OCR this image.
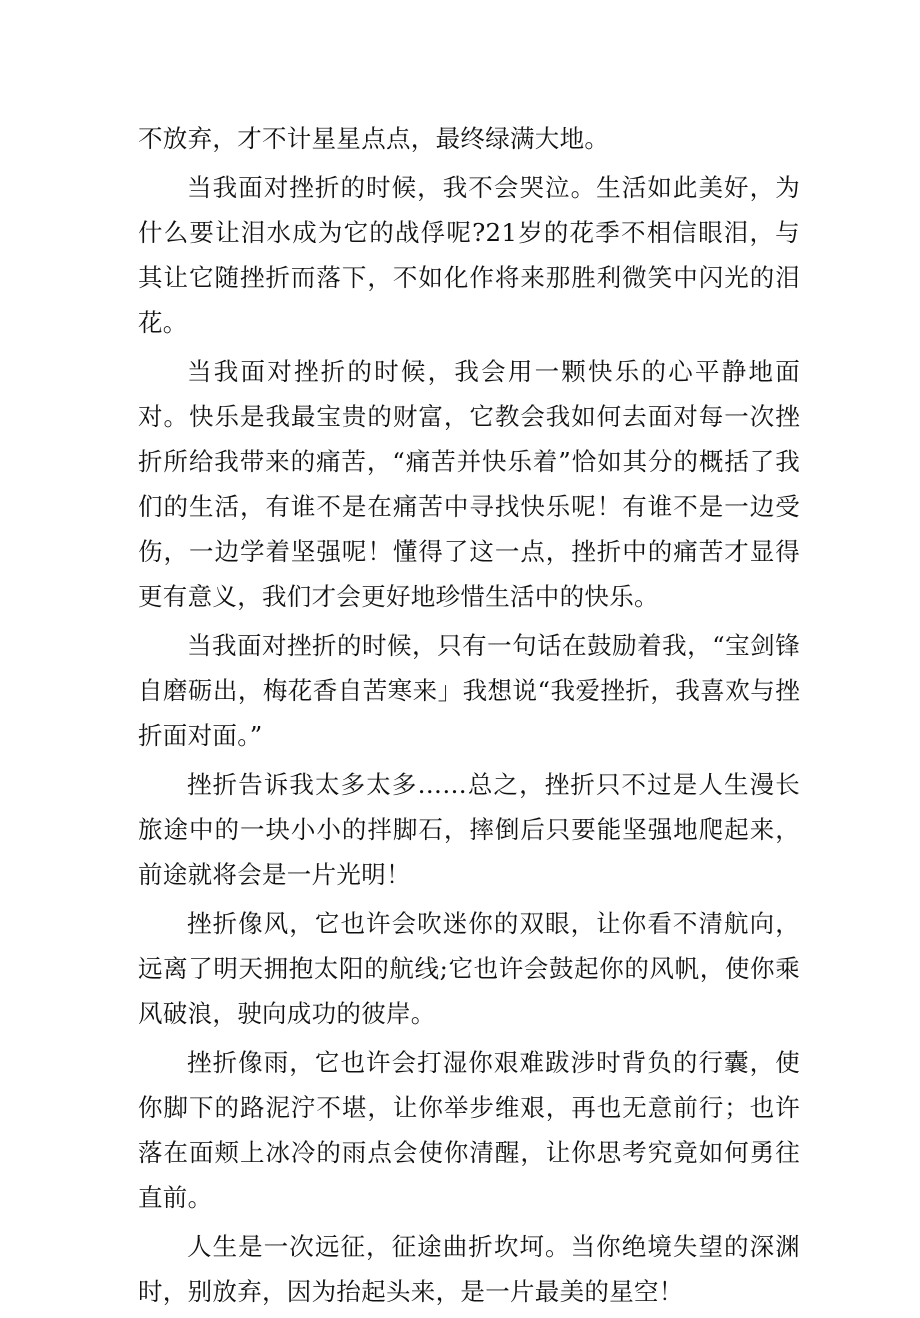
不放弃，才不计星星点点，最终绿满大地。

当我面对挫折的时候，我不会哭泣。生活如此美好，为什么要让泪水成为它的战俘呢?21岁的花季不相信眼泪，与其让它随挫折而落下，不如化作将来那胜利微笑中闪光的泪花。

当我面对挫折的时候，我会用一颗快乐的心平静地面对。快乐是我最宝贵的财富，它教会我如何去面对每一次挫折所给我带来的痛苦，“痛苦并快乐着”恰如其分的概括了我们的生活，有谁不是在痛苦中寻找快乐呢！有谁不是一边受伤，一边学着坚强呢！懂得了这一点，挫折中的痛苦才显得更有意义，我们才会更好地珍惜生活中的快乐。

当我面对挫折的时候，只有一句话在鼓励着我，“宝剑锋自磨砺出，梅花香自苦寒来」我想说“我爱挫折，我喜欢与挫折面对面。”

挫折告诉我太多太多……总之，挫折只不过是人生漫长旅途中的一块小小的拌脚石，摔倒后只要能坚强地爬起来，前途就将会是一片光明！

挫折像风，它也许会吹迷你的双眼，让你看不清航向，远离了明天拥抱太阳的航线;它也许会鼓起你的风帆，使你乘风破浪，驶向成功的彼岸。

挫折像雨，它也许会打湿你艰难跋涉时背负的行囊，使你脚下的路泥泞不堪，让你举步维艰，再也无意前行；也许落在面颊上冰冷的雨点会使你清醒，让你思考究竟如何勇往直前。

人生是一次远征，征途曲折坎坷。当你绝境失望的深渊时，别放弃，因为抬起头来，是一片最美的星空！
